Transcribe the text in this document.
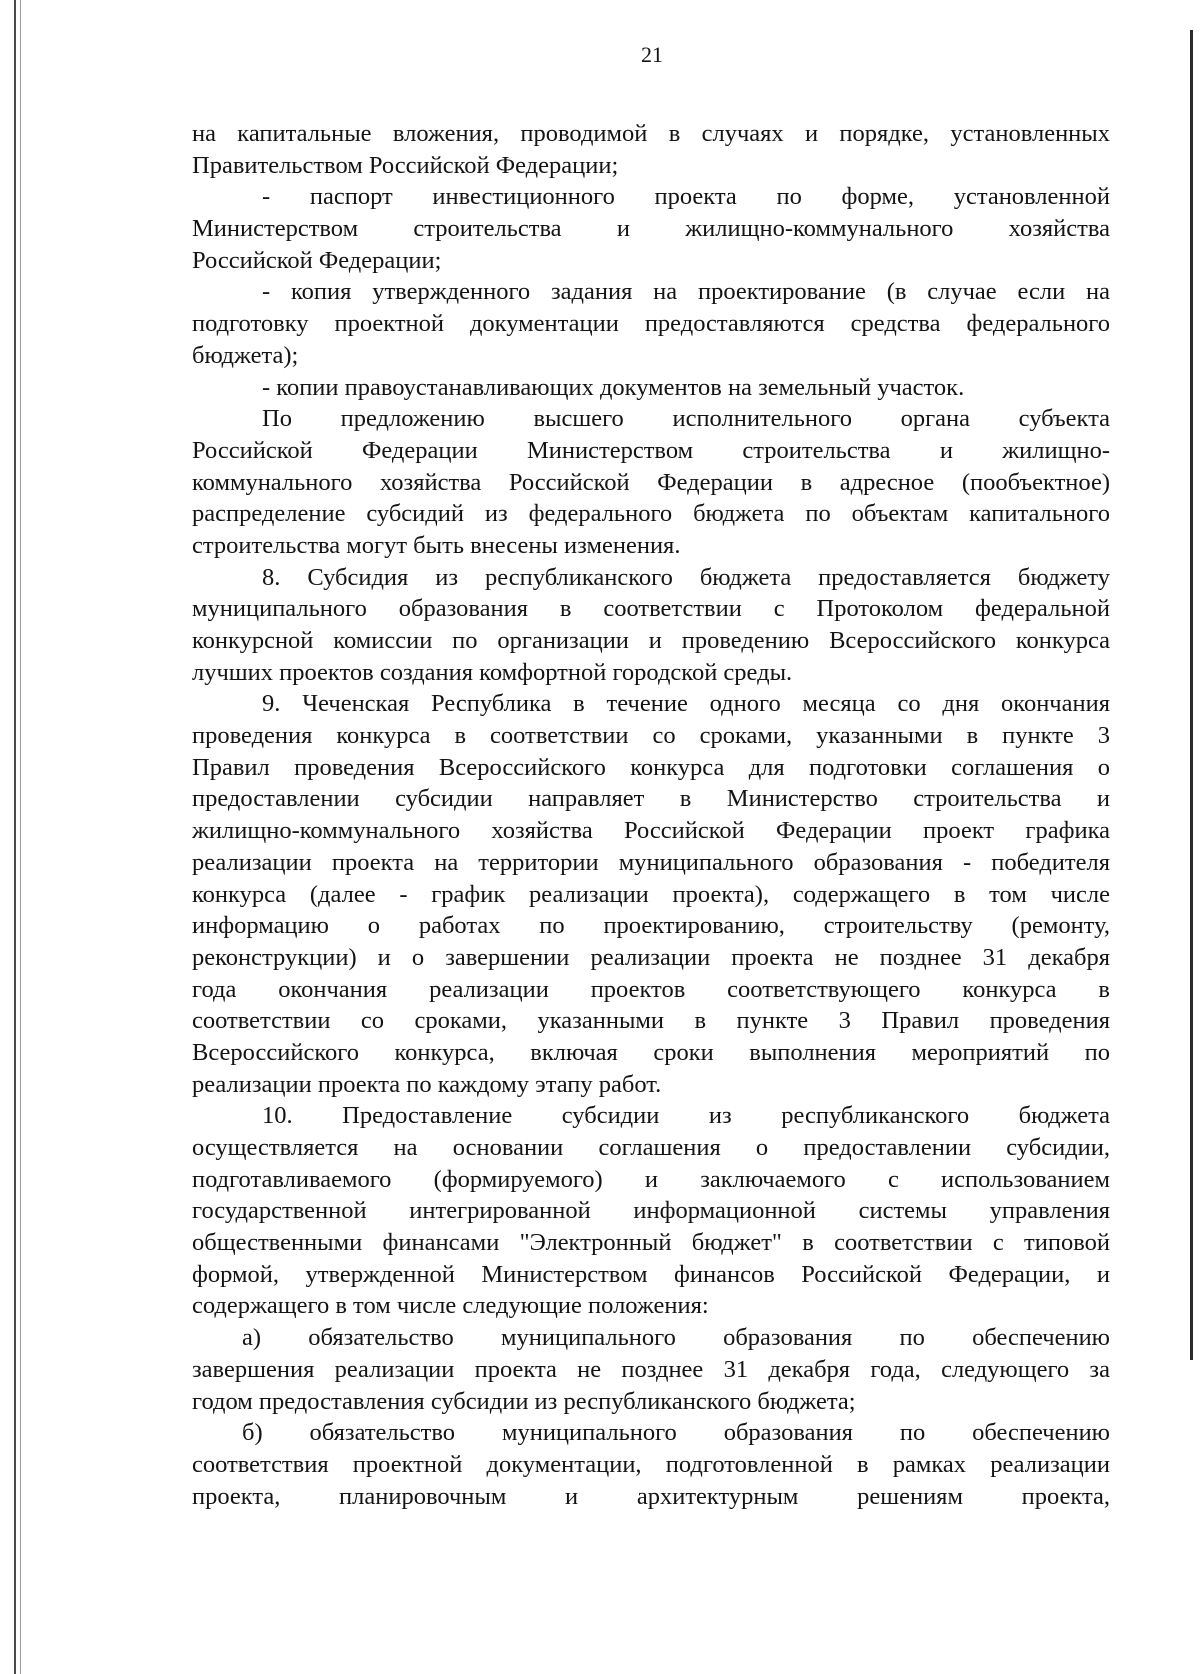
21
на капитальные вложения, проводимой в случаях и порядке, установленных
Правительством Российской Федерации;
- паспорт инвестиционного проекта по форме, установленной
Министерством строительства и жилищно-коммунального хозяйства
Российской Федерации;
- копия утвержденного задания на проектирование (в случае если на
подготовку проектной документации предоставляются средства федерального
бюджета);
- копии правоустанавливающих документов на земельный участок.
По предложению высшего исполнительного органа субъекта
Российской Федерации Министерством строительства и жилищно-
коммунального хозяйства Российской Федерации в адресное (пообъектное)
распределение субсидий из федерального бюджета по объектам капитального
строительства могут быть внесены изменения.
8. Субсидия из республиканского бюджета предоставляется бюджету
муниципального образования в соответствии с Протоколом федеральной
конкурсной комиссии по организации и проведению Всероссийского конкурса
лучших проектов создания комфортной городской среды.
9. Чеченская Республика в течение одного месяца со дня окончания
проведения конкурса в соответствии со сроками, указанными в пункте 3
Правил проведения Всероссийского конкурса для подготовки соглашения о
предоставлении субсидии направляет в Министерство строительства и
жилищно-коммунального хозяйства Российской Федерации проект графика
реализации проекта на территории муниципального образования - победителя
конкурса (далее - график реализации проекта), содержащего в том числе
информацию о работах по проектированию, строительству (ремонту,
реконструкции) и о завершении реализации проекта не позднее 31 декабря
года окончания реализации проектов соответствующего конкурса в
соответствии со сроками, указанными в пункте 3 Правил проведения
Всероссийского конкурса, включая сроки выполнения мероприятий по
реализации проекта по каждому этапу работ.
10. Предоставление субсидии из республиканского бюджета
осуществляется на основании соглашения о предоставлении субсидии,
подготавливаемого (формируемого) и заключаемого с использованием
государственной интегрированной информационной системы управления
общественными финансами "Электронный бюджет" в соответствии с типовой
формой, утвержденной Министерством финансов Российской Федерации, и
содержащего в том числе следующие положения:
а) обязательство муниципального образования по обеспечению
завершения реализации проекта не позднее 31 декабря года, следующего за
годом предоставления субсидии из республиканского бюджета;
б) обязательство муниципального образования по обеспечению
соответствия проектной документации, подготовленной в рамках реализации
проекта, планировочным и архитектурным решениям проекта,
